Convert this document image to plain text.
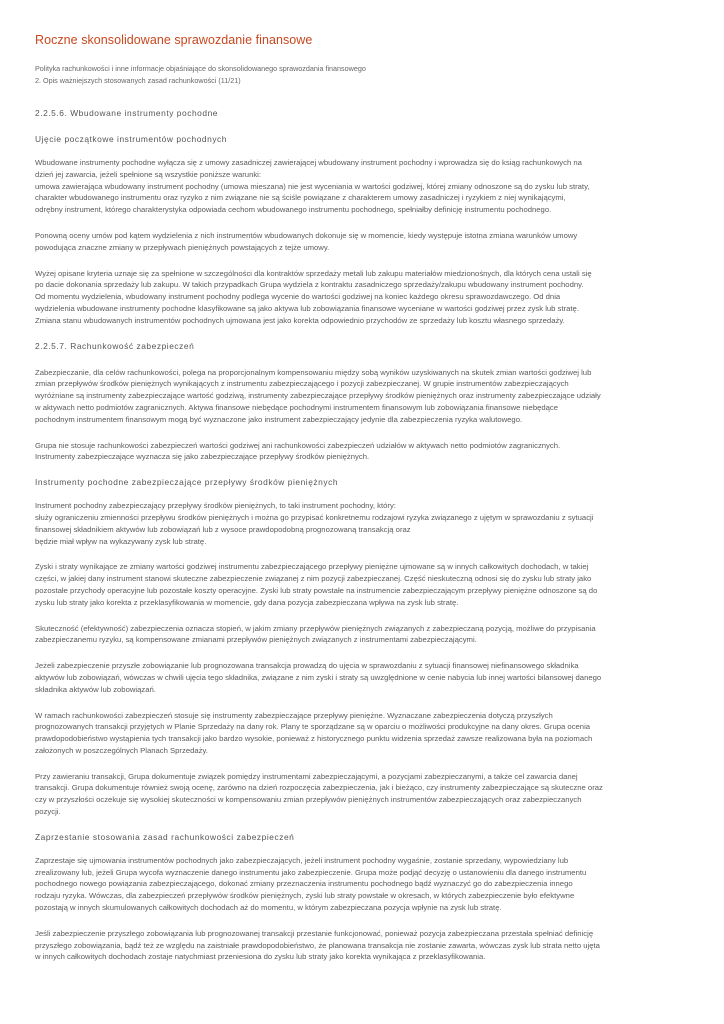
Roczne skonsolidowane sprawozdanie finansowe
Polityka rachunkowości i inne informacje objaśniające do skonsolidowanego sprawozdania finansowego
2. Opis ważniejszych stosowanych zasad rachunkowości (11/21)
2.2.5.6. Wbudowane instrumenty pochodne
Ujęcie początkowe instrumentów pochodnych
Wbudowane instrumenty pochodne wyłącza się z umowy zasadniczej zawierającej wbudowany instrument pochodny i wprowadza się do ksiąg rachunkowych na
dzień jej zawarcia, jeżeli spełnione są wszystkie poniższe warunki:
umowa zawierająca wbudowany instrument pochodny (umowa mieszana) nie jest wyceniania w wartości godziwej, której zmiany odnoszone są do zysku lub straty,
charakter wbudowanego instrumentu oraz ryzyko z nim związane nie są ściśle powiązane z charakterem umowy zasadniczej i ryzykiem z niej wynikającymi,
odrębny instrument, którego charakterystyka odpowiada cechom wbudowanego instrumentu pochodnego, spełniałby definicję instrumentu pochodnego.
Ponowną oceny umów pod kątem wydzielenia z nich instrumentów wbudowanych dokonuje się w momencie, kiedy występuje istotna zmiana warunków umowy
powodująca znaczne zmiany w przepływach pieniężnych powstających z tejże umowy.
Wyżej opisane kryteria uznaje się za spełnione w szczególności dla kontraktów sprzedaży metali lub zakupu materiałów miedzionośnych, dla których cena ustali się
po dacie dokonania sprzedaży lub zakupu. W takich przypadkach Grupa wydziela z kontraktu zasadniczego sprzedaży/zakupu wbudowany instrument pochodny.
Od momentu wydzielenia, wbudowany instrument pochodny podlega wycenie do wartości godziwej na koniec każdego okresu sprawozdawczego. Od dnia
wydzielenia wbudowane instrumenty pochodne klasyfikowane są jako aktywa lub zobowiązania finansowe wyceniane w wartości godziwej przez zysk lub stratę.
Zmiana stanu wbudowanych instrumentów pochodnych ujmowana jest jako korekta odpowiednio przychodów ze sprzedaży lub kosztu własnego sprzedaży.
2.2.5.7. Rachunkowość zabezpieczeń
Zabezpieczanie, dla celów rachunkowości, polega na proporcjonalnym kompensowaniu między sobą wyników uzyskiwanych na skutek zmian wartości godziwej lub
zmian przepływów środków pieniężnych wynikających z instrumentu zabezpieczającego i pozycji zabezpieczanej. W grupie instrumentów zabezpieczających
wyróżniane są instrumenty zabezpieczające wartość godziwą, instrumenty zabezpieczające przepływy środków pieniężnych oraz instrumenty zabezpieczające udziały
w aktywach netto podmiotów zagranicznych. Aktywa finansowe niebędące pochodnymi instrumentem finansowym lub zobowiązania finansowe niebędące
pochodnym instrumentem finansowym mogą być wyznaczone jako instrument zabezpieczający jedynie dla zabezpieczenia ryzyka walutowego.
Grupa nie stosuje rachunkowości zabezpieczeń wartości godziwej ani rachunkowości zabezpieczeń udziałów w aktywach netto podmiotów zagranicznych.
Instrumenty zabezpieczające wyznacza się jako zabezpieczające przepływy środków pieniężnych.
Instrumenty pochodne zabezpieczające przepływy środków pieniężnych
Instrument pochodny zabezpieczający przepływy środków pieniężnych, to taki instrument pochodny, który:
służy ograniczeniu zmienności przepływu środków pieniężnych i można go przypisać konkretnemu rodzajowi ryzyka związanego z ujętym w sprawozdaniu z sytuacji
finansowej składnikiem aktywów lub zobowiązań lub z wysoce prawdopodobną prognozowaną transakcją oraz
będzie miał wpływ na wykazywany zysk lub stratę.
Zyski i straty wynikające ze zmiany wartości godziwej instrumentu zabezpieczającego przepływy pieniężne ujmowane są w innych całkowitych dochodach, w takiej
części, w jakiej dany instrument stanowi skuteczne zabezpieczenie związanej z nim pozycji zabezpieczanej. Część nieskuteczną odnosi się do zysku lub straty jako
pozostałe przychody operacyjne lub pozostałe koszty operacyjne. Zyski lub straty powstałe na instrumencie zabezpieczającym przepływy pieniężne odnoszone są do
zysku lub straty jako korekta z przeklasyfikowania w momencie, gdy dana pozycja zabezpieczana wpływa na zysk lub stratę.
Skuteczność (efektywność) zabezpieczenia oznacza stopień, w jakim zmiany przepływów pieniężnych związanych z zabezpieczaną pozycją, możliwe do przypisania
zabezpieczanemu ryzyku, są kompensowane zmianami przepływów pieniężnych związanych z instrumentami zabezpieczającymi.
Jeżeli zabezpieczenie przyszłe zobowiązanie lub prognozowana transakcja prowadzą do ujęcia w sprawozdaniu z sytuacji finansowej niefinansowego składnika
aktywów lub zobowiązań, wówczas w chwili ujęcia tego składnika, związane z nim zyski i straty są uwzględnione w cenie nabycia lub innej wartości bilansowej danego
składnika aktywów lub zobowiązań.
W ramach rachunkowości zabezpieczeń stosuje się instrumenty zabezpieczające przepływy pieniężne. Wyznaczane zabezpieczenia dotyczą przyszłych
prognozowanych transakcji przyjętych w Planie Sprzedaży na dany rok. Plany te sporządzane są w oparciu o możliwości produkcyjne na dany okres. Grupa ocenia
prawdopodobieństwo wystąpienia tych transakcji jako bardzo wysokie, ponieważ z historycznego punktu widzenia sprzedaż zawsze realizowana była na poziomach
założonych w poszczególnych Planach Sprzedaży.
Przy zawieraniu transakcji, Grupa dokumentuje związek pomiędzy instrumentami zabezpieczającymi, a pozycjami zabezpieczanymi, a także cel zawarcia danej
transakcji. Grupa dokumentuje również swoją ocenę, zarówno na dzień rozpoczęcia zabezpieczenia, jak i bieżąco, czy instrumenty zabezpieczające są skuteczne oraz
czy w przyszłości oczekuje się wysokiej skuteczności w kompensowaniu zmian przepływów pieniężnych instrumentów zabezpieczających oraz zabezpieczanych
pozycji.
Zaprzestanie stosowania zasad rachunkowości zabezpieczeń
Zaprzestaje się ujmowania instrumentów pochodnych jako zabezpieczających, jeżeli instrument pochodny wygaśnie, zostanie sprzedany, wypowiedziany lub
zrealizowany lub, jeżeli Grupa wycofa wyznaczenie danego instrumentu jako zabezpieczenie. Grupa może podjąć decyzję o ustanowieniu dla danego instrumentu
pochodnego nowego powiązania zabezpieczającego, dokonać zmiany przeznaczenia instrumentu pochodnego bądź wyznaczyć go do zabezpieczenia innego
rodzaju ryzyka. Wówczas, dla zabezpieczeń przepływów środków pieniężnych, zyski lub straty powstałe w okresach, w których zabezpieczenie było efektywne
pozostają w innych skumulowanych całkowitych dochodach aż do momentu, w którym zabezpieczana pozycja wpłynie na zysk lub stratę.
Jeśli zabezpieczenie przyszłego zobowiązania lub prognozowanej transakcji przestanie funkcjonować, ponieważ pozycja zabezpieczana przestała spełniać definicję
przyszłego zobowiązania, bądź też ze względu na zaistniałe prawdopodobieństwo, że planowana transakcja nie zostanie zawarta, wówczas zysk lub strata netto ujęta
w innych całkowitych dochodach zostaje natychmiast przeniesiona do zysku lub straty jako korekta wynikająca z przeklasyfikowania.
